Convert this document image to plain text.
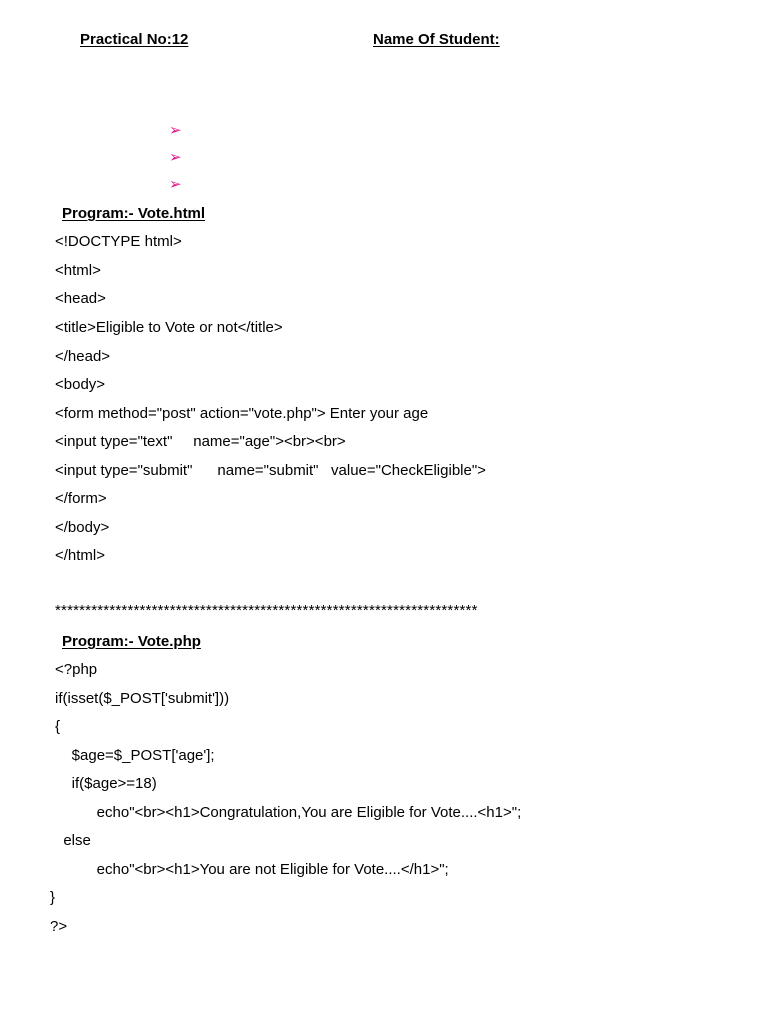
Practical No:12	Name Of Student:
➢
➢
➢
Program:- Vote.html
<!DOCTYPE html>
<html>
<head>
<title>Eligible to Vote or not</title>
</head>
<body>
<form method="post" action="vote.php"> Enter your age
<input type="text"     name="age"><br><br>
<input type="submit"      name="submit"   value="CheckEligible">
</form>
</body>
</html>
**********************************************************************
Program:- Vote.php
<?php
if(isset($_POST['submit']))
{
$age=$_POST['age'];
if($age>=18)
echo"<br><h1>Congratulation,You are Eligible for Vote....<h1>";
else
echo"<br><h1>You are not Eligible for Vote....</h1>";
}
?>
